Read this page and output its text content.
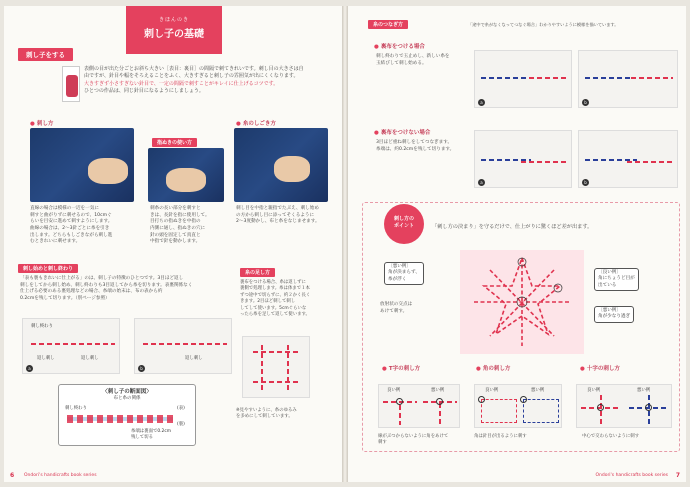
きほんのき
刺し子の基礎
刺し子をする
表側の目が出た分ごとお斜ち大きい［表目：裏目］の間隔で刺てきれいです。刺し目の大きさは自
由ですが、針目や幅をそろえることをふく、大きすぎると刺し子の雰囲気が出にくくなります。
大きすぎず小さすぎない針目で、一定の間隔で刺すことがキレイに仕上げるコツです。
ひとつの作品は、同じ針目になるようにしましょう。
● 刺し方
直線の場合は模様の一辺を一気に
刺すと曲がりずに刺せるので、10cmぐ
らいを目安に進めて刺すようにします。
曲線の場合は、2〜3針ごとに糸を引き
出します。どちらもしごきながら刺し進
むときれいに刺せます。
指ぬきの使い方
刺糸の長い部分を刺すと
きは、長針を指に使用して。
目打ちの指ぬきを中指の
内側に通し、指ぬきの穴に
針の頭を固定して真直と
中指で針を動かします。
● 糸のしごき方
刺し目を中指と親指でたぶえ、刺し始め
の方から刺し目に添ってそくるように
2〜3度動かし、布と糸をなじませます。
刺し始めと刺し終わり
「表も裏もきれいに仕上がる」のは、刺し子の特徴のひとつです。3目ほど返し
刺しをしてから刺し始め、刺し終わりも3目返してから糸を切ります。表裏関係なく
仕上げる必要のある裏処理などの場合、糸端の始末は、布の表から約
0.2cmを残して切ります。（別ページ参照）
刺し終わり
返し刺し	返し刺し
a
返し刺し
b
糸の足し方
裏布をつける場合、糸は返しずに
裏側で処理します。糸は体まで１本
ずつ途中で切らずに、約２かく長く
きます。2目ほど刺して刺し
してして使います。5cmぐらいな
ったら糸を足して返して使います。
※見やすいように、糸のゆるみ
を多めにして刺しています。
〈刺し子の断面図〉
布と糸の関係
刺し終わり	(表)
(裏)
糸端は裏面で0.2cm
残して切る
6 Ondori's handicrafts book series
糸のつなぎ方	「途中で糸がなくなってつなぐ場合」わかりやすいように模様を描いています。
● 裏布をつける場合
刺し終わりで玉止めし、新しい糸を
玉結びして刺し始める。
a	b
● 裏布をつけない場合
3目ほど重ね刺しをしてつなぎます。
糸端は、約0.2cmを残して切ります。
a	b
刺し方の
ポイント	「刺し方の決まり」を守るだけで、仕上がりに驚くほど差が出ます。
〔悪い例〕
角が決まらず、
糸が浮く
放射状の交点は
あけて刺す。
〔良い例〕
角にちょうど目が
出ている
〔悪い例〕
角が少なり過ぎ
● T字の刺し方	● 角の刺し方	● 十字の刺し方
良い例	悪い例	良い例	悪い例	良い例	悪い例
線がぶつからないように角をあけて
刺す
角は針目が出るように刺す	中心で交わらないように刺す
Ondori's handicrafts book series 7
